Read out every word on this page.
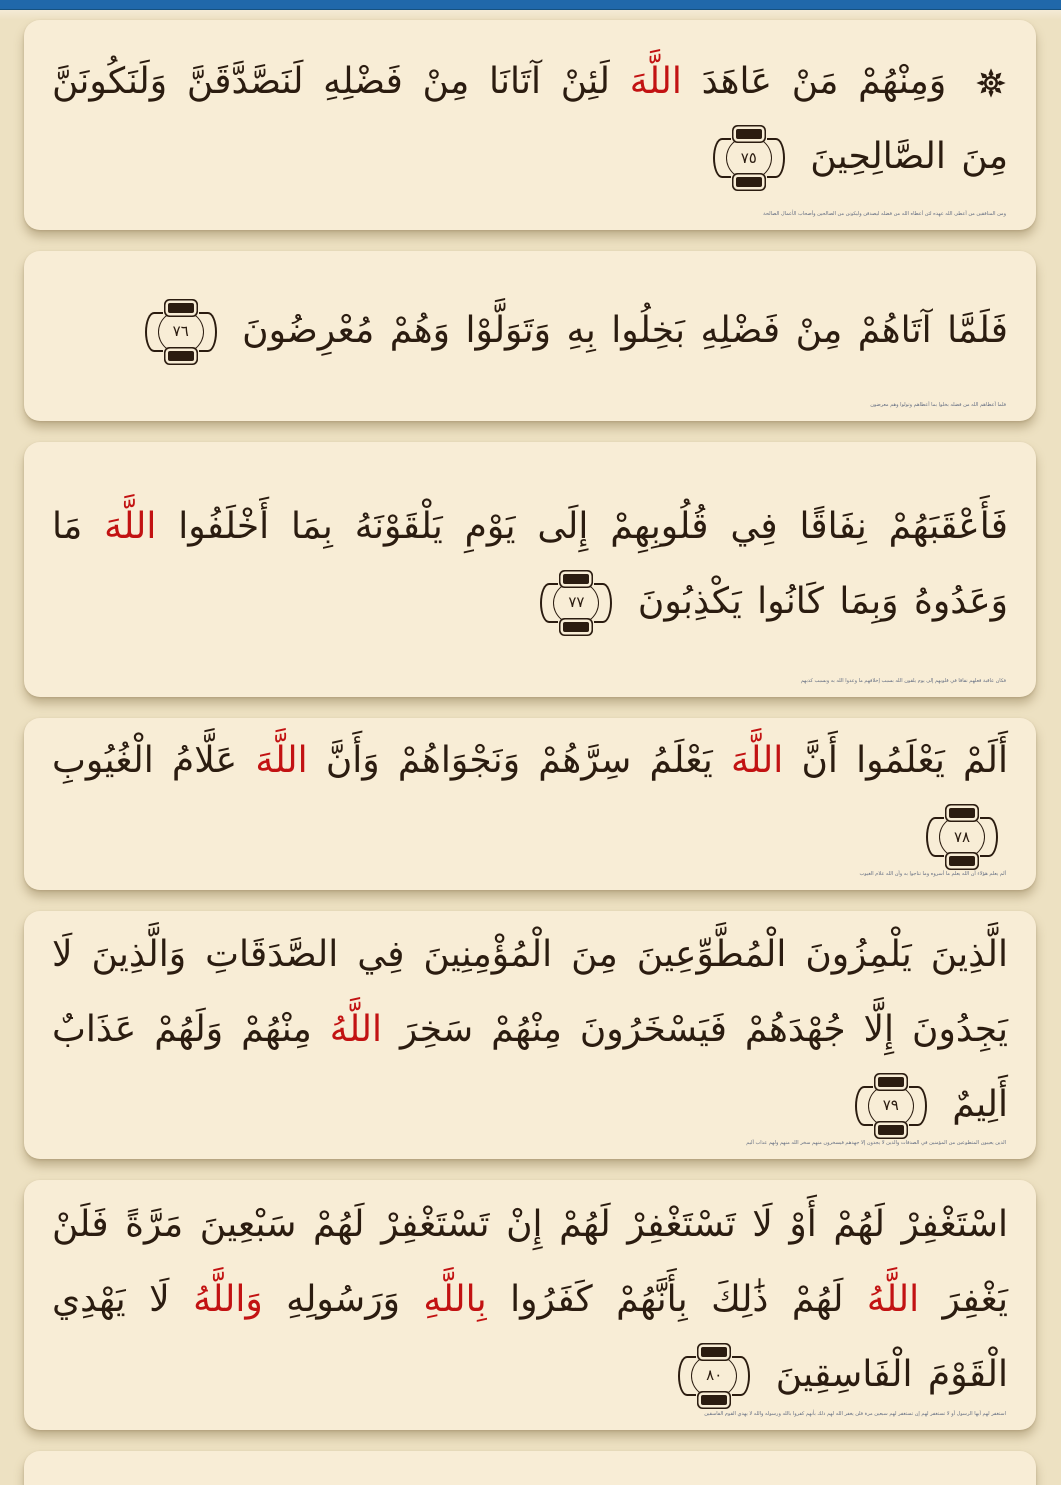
وَمِنْهُمْ مَنْ عَاهَدَ اللَّهَ لَئِنْ آتَانَا مِنْ فَضْلِهِ لَنَصَّدَّقَنَّ وَلَنَكُونَنَّ مِنَ الصَّالِحِينَ
٧٥
ومن المنافقين من أعطى الله عهده لئن أعطاه الله من فضله ليصدقن وليكونن من الصالحين وأصحاب الأعمال الصالحة
فَلَمَّا آتَاهُمْ مِنْ فَضْلِهِ بَخِلُوا بِهِ وَتَوَلَّوْا وَهُمْ مُعْرِضُونَ
٧٦
فلما أعطاهم الله من فضله بخلوا بما أعطاهم وتولوا وهم معرضون
فَأَعْقَبَهُمْ نِفَاقًا فِي قُلُوبِهِمْ إِلَى يَوْمِ يَلْقَوْنَهُ بِمَا أَخْلَفُوا اللَّهَ مَا وَعَدُوهُ وَبِمَا كَانُوا يَكْذِبُونَ
٧٧
فكان عاقبة فعلهم نفاقا في قلوبهم إلى يوم يلقون الله بسبب إخلافهم ما وعدوا الله به وبسبب كذبهم
أَلَمْ يَعْلَمُوا أَنَّ اللَّهَ يَعْلَمُ سِرَّهُمْ وَنَجْوَاهُمْ وَأَنَّ اللَّهَ عَلَّامُ الْغُيُوبِ
٧٨
ألم يعلم هؤلاء أن الله يعلم ما أسروه وما تناجوا به وأن الله علام الغيوب
الَّذِينَ يَلْمِزُونَ الْمُطَّوِّعِينَ مِنَ الْمُؤْمِنِينَ فِي الصَّدَقَاتِ وَالَّذِينَ لَا يَجِدُونَ إِلَّا جُهْدَهُمْ فَيَسْخَرُونَ مِنْهُمْ سَخِرَ اللَّهُ مِنْهُمْ وَلَهُمْ عَذَابٌ أَلِيمٌ
٧٩
الذين يعيبون المتطوعين من المؤمنين في الصدقات والذين لا يجدون إلا جهدهم فيسخرون منهم سخر الله منهم ولهم عذاب أليم
اسْتَغْفِرْ لَهُمْ أَوْ لَا تَسْتَغْفِرْ لَهُمْ إِنْ تَسْتَغْفِرْ لَهُمْ سَبْعِينَ مَرَّةً فَلَنْ يَغْفِرَ اللَّهُ لَهُمْ ذَٰلِكَ بِأَنَّهُمْ كَفَرُوا بِاللَّهِ وَرَسُولِهِ وَاللَّهُ لَا يَهْدِي الْقَوْمَ الْفَاسِقِينَ
٨٠
استغفر لهم أيها الرسول أو لا تستغفر لهم إن تستغفر لهم سبعين مرة فلن يغفر الله لهم ذلك بأنهم كفروا بالله ورسوله والله لا يهدي القوم الفاسقين
